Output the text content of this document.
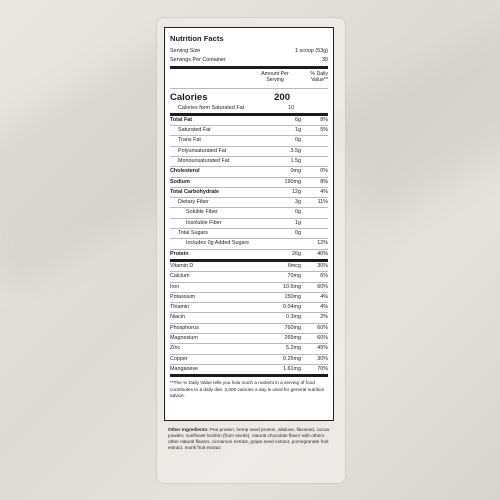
Nutrition Facts
Serving Size	1 scoop (53g)
Servings Per Container	30
Amount Per Serving
% Daily Value**
Calories	200
Calories form Saturated Fat	10
Total Fat	6g	8%
Saturated Fat	1g	5%
Trans Fat	0g
Polyunsaturated Fat	3.5g
Monounsaturated Fat	1.5g
Cholesterol	0mg	0%
Sodium	190mg	8%
Total Carbohydrate	12g	4%
Dietary Fiber	3g	11%
Soluble Fiber	0g
Insoluble Fiber	1g
Total Sugars	0g
Includes 0g Added Sugars	12%
Protein	26g	40%
Vitamin D	6mcg	30%
Calcium	70mg	6%
Iron	10.6mg	60%
Potassium	150mg	4%
Thiamin	0.04mg	4%
Niacin	0.3mg	2%
Phosphorus	760mg	60%
Magnesium	265mg	60%
Zinc	5.2mg	45%
Copper	0.25mg	30%
Manganese	1.61mg	70%
**The % Daily Value tells you how much a nutrient in a serving of food contributes to a daily diet. 2,000 calories a day is used for general nutrition advice.
Other Ingredients: Pea protein, hemp seed protein, allulose, flaxseed, cocoa powder, sunflower lecithin (from seeds), natural chocolate flavor with others other natural flavors, cinnamon extract, grape seed extract, pomegranate fruit extract, monk fruit extract
